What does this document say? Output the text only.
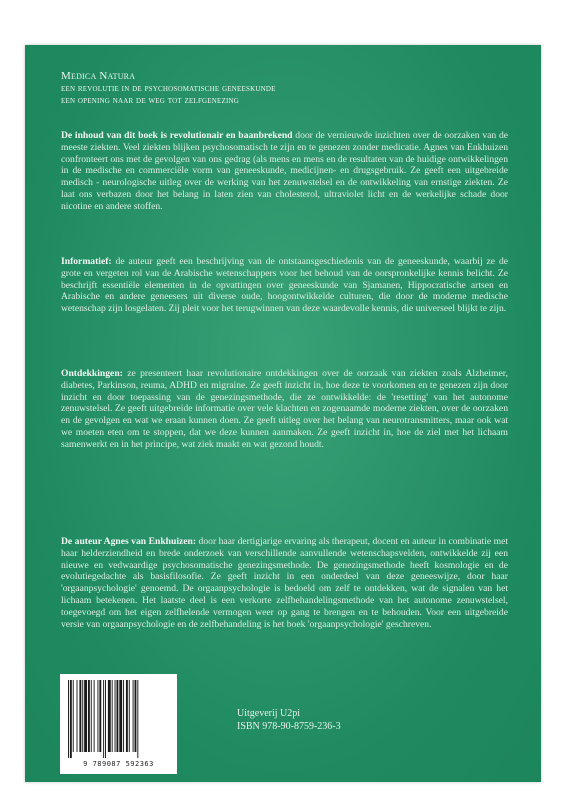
Medica Natura
een revolutie in de psychosomatische geneeskunde
een opening naar de weg tot zelfgenezing

De inhoud van dit boek is revolutionair en baanbrekend door de vernieuwde inzichten over de oorzaken van de meeste ziekten. Veel ziekten blijken psychosomatisch te zijn en te genezen zonder medicatie. Agnes van Enkhuizen confronteert ons met de gevolgen van ons gedrag (als mens en mens en de resultaten van de huidige ontwikkelingen in de medische en commerciële vorm van geneeskunde, medicijnen- en drugsgebruik. Ze geeft een uitgebreide medisch - neurologische uitleg over de werking van het zenuwstelsel en de ontwikkeling van ernstige ziekten. Ze laat ons verbazen door het belang in laten zien van cholesterol, ultraviolet licht en de werkelijke schade door nicotine en andere stoffen.

Informatief: de auteur geeft een beschrijving van de ontstaansgeschiedenis van de geneeskunde, waarbij ze de grote en vergeten rol van de Arabische wetenschappers voor het behoud van de oorspronkelijke kennis belicht. Ze beschrijft essentiële elementen in de opvattingen over geneeskunde van Sjamanen, Hippocratische artsen en Arabische en andere geneesers uit diverse oude, hoogontwikkelde culturen, die door de moderne medische wetenschap zijn losgelaten. Zij pleit voor het terugwinnen van deze waardevolle kennis, die universeel blijkt te zijn.

Ontdekkingen: ze presenteert haar revolutionaire ontdekkingen over de oorzaak van ziekten zoals Alzheimer, diabetes, Parkinson, reuma, ADHD en migraine. Ze geeft inzicht in, hoe deze te voorkomen en te genezen zijn door inzicht en door toepassing van de genezingsmethode, die ze ontwikkelde: de 'resetting' van het autonome zenuwstelsel. Ze geeft uitgebreide informatie over vele klachten en zogenaamde moderne ziekten, over de oorzaken en de gevolgen en wat we eraan kunnen doen. Ze geeft uitleg over het belang van neurotransmitters, maar ook wat we moeten eten om te stoppen, dat we deze kunnen aanmaken. Ze geeft inzicht in, hoe de ziel met het lichaam samenwerkt en in het principe, wat ziek maakt en wat gezond houdt.

De auteur Agnes van Enkhuizen: door haar dertigjarige ervaring als therapeut, docent en auteur in combinatie met haar helderziendheid en brede onderzoek van verschillende aanvullende wetenschapsvelden, ontwikkelde zij een nieuwe en vedwaardige psychosomatische genezingsmethode. De genezingsmethode heeft kosmologie en de evolutiegedachte als basisfilosofie. Ze geeft inzicht in een onderdeel van deze geneeswijze, door haar 'orgaanpsychologie' genoemd. De orgaanpsychologie is bedoeld om zelf te ontdekken, wat de signalen van het lichaam betekenen. Het laatste deel is een verkorte zelfbehandelingsmethode van het autonome zenuwstelsel, toegevoegd om het eigen zelfhelende vermogen weer op gang te brengen en te behouden. Voor een uitgebreide versie van orgaanpsychologie en de zelfbehandeling is het boek 'orgaanpsychologie' geschreven.

Uitgeverij U2pi
ISBN 978-90-8759-236-3
9 789087 592363
